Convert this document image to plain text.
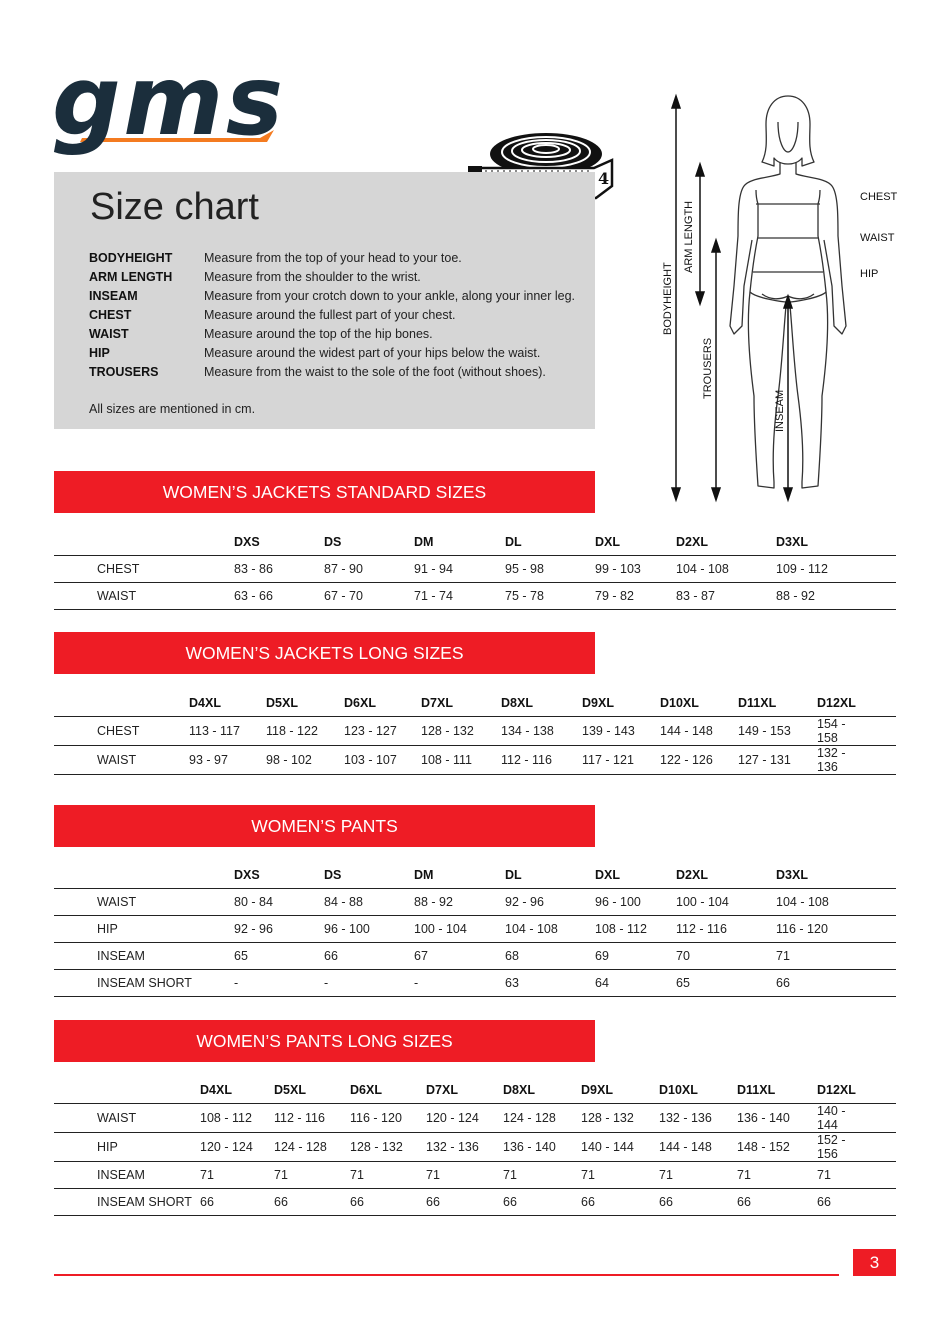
gms
4
Size chart
BODYHEIGHT	Measure from the top of your head to your toe.
ARM LENGTH	Measure from the shoulder to the wrist.
INSEAM	Measure from your crotch down to your ankle, along your inner leg.
CHEST	Measure around the fullest part of your chest.
WAIST	Measure around the top of the hip bones.
HIP	Measure around the widest part of your hips below the waist.
TROUSERS	Measure from the waist to the sole of the foot (without shoes).
All sizes are mentioned in cm.
BODYHEIGHT
ARM LENGTH
TROUSERS
INSEAM
CHEST
WAIST
HIP
WOMEN’S JACKETS STANDARD SIZES
	DXS	DS	DM	DL	DXL	D2XL	D3XL	
CHEST	83 - 86	87 - 90	91 - 94	95 - 98	99 - 103	104 - 108	109 - 112	
WAIST	63 - 66	67 - 70	71 - 74	75 - 78	79 - 82	83 - 87	88 - 92	
WOMEN’S JACKETS LONG SIZES
	D4XL	D5XL	D6XL	D7XL	D8XL	D9XL	D10XL	D11XL	D12XL	
CHEST	113 - 117	118 - 122	123 - 127	128 - 132	134 - 138	139 - 143	144 - 148	149 - 153	154 - 158	
WAIST	93 - 97	98 - 102	103 - 107	108 - 111	112 - 116	117 - 121	122 - 126	127 - 131	132 - 136	
WOMEN’S PANTS
	DXS	DS	DM	DL	DXL	D2XL	D3XL	
WAIST	80 - 84	84 - 88	88 - 92	92 - 96	96 - 100	100 - 104	104 - 108	
HIP	92 - 96	96 - 100	100 - 104	104 - 108	108 - 112	112 - 116	116 - 120	
INSEAM	65	66	67	68	69	70	71	
INSEAM SHORT	-	-	-	63	64	65	66	
WOMEN’S PANTS LONG SIZES
	D4XL	D5XL	D6XL	D7XL	D8XL	D9XL	D10XL	D11XL	D12XL	
WAIST	108 - 112	112 - 116	116 - 120	120 - 124	124 - 128	128 - 132	132 - 136	136 - 140	140 - 144	
HIP	120 - 124	124 - 128	128 - 132	132 - 136	136 - 140	140 - 144	144 - 148	148 - 152	152 - 156	
INSEAM	71	71	71	71	71	71	71	71	71	
INSEAM SHORT	66	66	66	66	66	66	66	66	66	
3
